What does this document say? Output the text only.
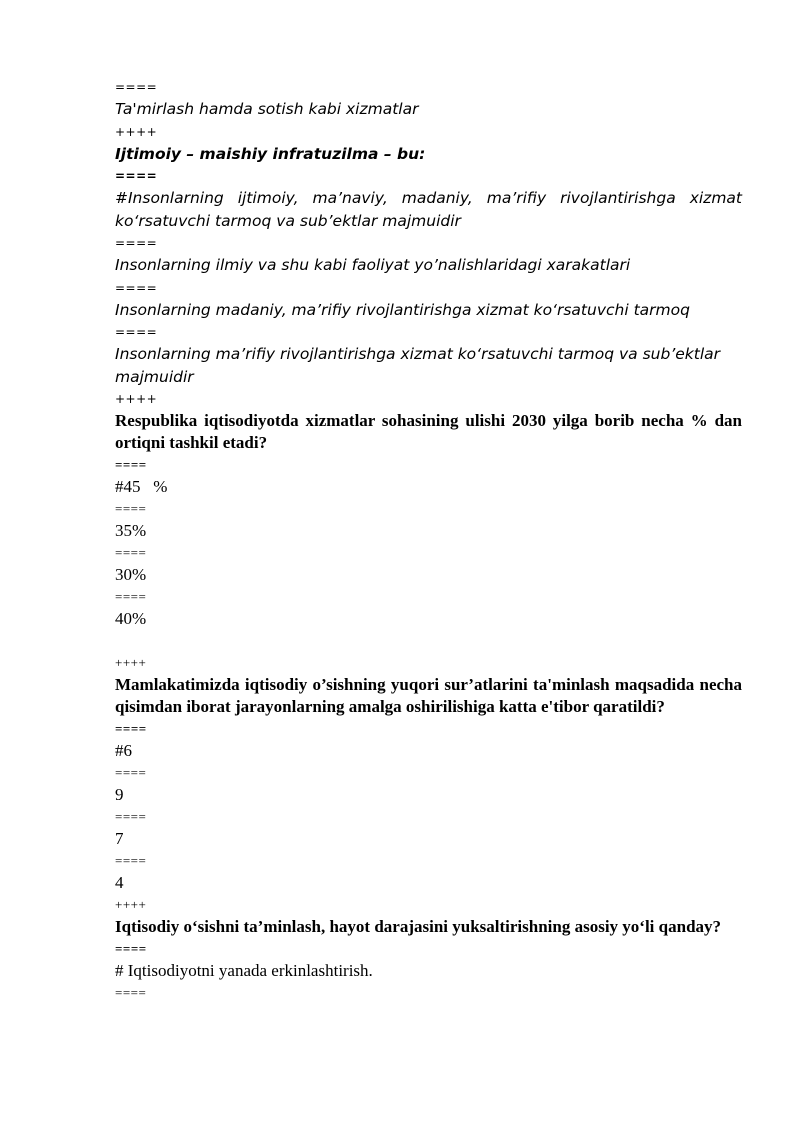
====
Ta'mirlash hamda sotish kabi xizmatlar
++++
Ijtimoiy – maishiy infratuzilma – bu:
====
#Insonlarning ijtimoiy, ma’naviy, madaniy, ma’rifiy rivojlantirishga xizmat ko‘rsatuvchi tarmoq va sub’ektlar majmuidir
====
Insonlarning ilmiy va shu kabi faoliyat yo’nalishlaridagi xarakatlari
====
Insonlarning madaniy, ma’rifiy rivojlantirishga xizmat ko‘rsatuvchi tarmoq
====
Insonlarning ma’rifiy rivojlantirishga xizmat ko‘rsatuvchi tarmoq va sub’ektlar majmuidir
++++
Respublika iqtisodiyotda xizmatlar sohasining ulishi 2030 yilga borib necha % dan ortiqni tashkil etadi?
====
#45   %
====
35%
====
30%
====
40%
++++
Mamlakatimizda iqtisodiy o’sishning yuqori sur’atlarini ta'minlash maqsadida necha qisimdan iborat jarayonlarning amalga oshirilishiga katta e'tibor qaratildi?
====
#6
====
9
====
7
====
4
++++
Iqtisodiy o‘sishni ta’minlash, hayot darajasini yuksaltirishning asosiy yo‘li qanday?
====
# Iqtisodiyotni yanada erkinlashtirish.
====
